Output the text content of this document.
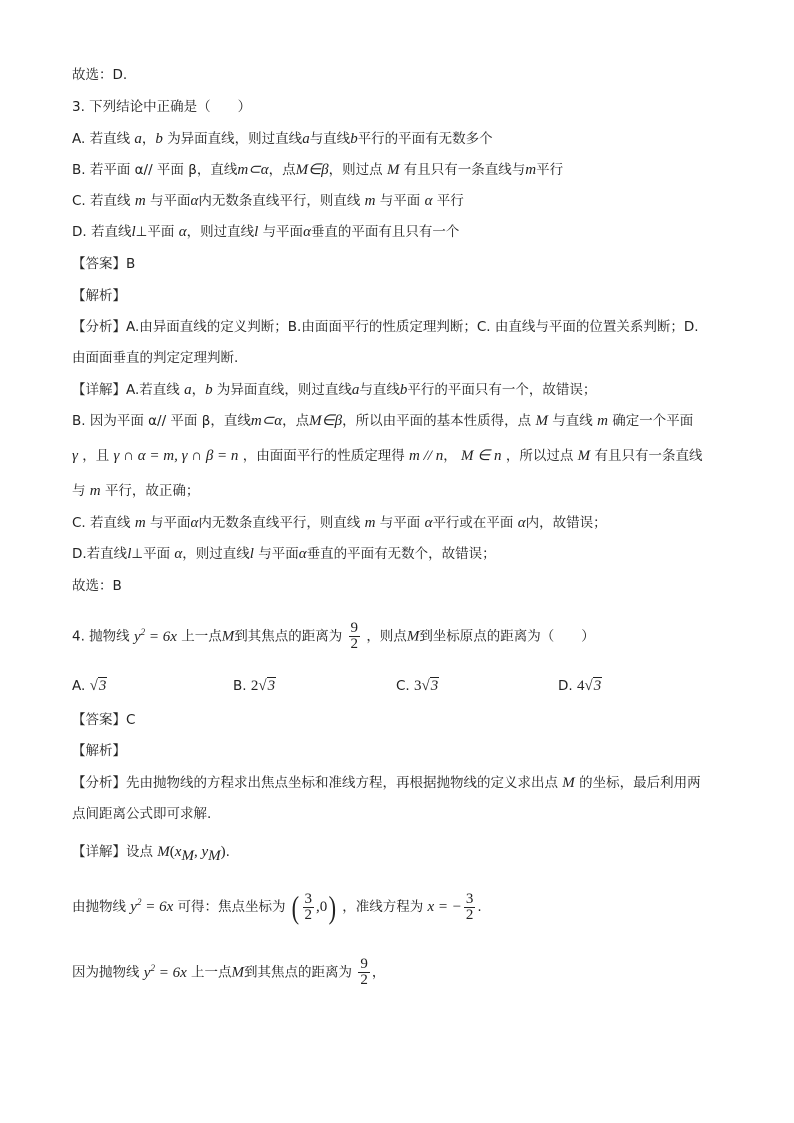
故选：D.
3. 下列结论中正确是（　　）
A. 若直线 a，b 为异面直线，则过直线a与直线b平行的平面有无数多个
B. 若平面 α// 平面 β，直线m⊂α，点M∈β，则过点 M 有且只有一条直线与m平行
C. 若直线 m 与平面α内无数条直线平行，则直线 m 与平面 α 平行
D. 若直线l⊥平面 α，则过直线l 与平面α垂直的平面有且只有一个
【答案】B
【解析】
【分析】A.由异面直线的定义判断；B.由面面平行的性质定理判断；C. 由直线与平面的位置关系判断；D.
由面面垂直的判定定理判断.
【详解】A.若直线 a，b 为异面直线，则过直线a与直线b平行的平面只有一个，故错误；
B. 因为平面 α// 平面 β，直线m⊂α，点M∈β，所以由平面的基本性质得，点 M 与直线 m 确定一个平面
γ ，且 γ ∩ α = m, γ ∩ β = n ，由面面平行的性质定理得 m // n， M ∈ n ，所以过点 M 有且只有一条直线
与 m 平行，故正确；
C. 若直线 m 与平面α内无数条直线平行，则直线 m 与平面 α平行或在平面 α内，故错误；
D.若直线l⊥平面 α，则过直线l 与平面α垂直的平面有无数个，故错误；
故选：B
4. 抛物线 $y^2 = 6x$ 上一点M到其焦点的距离为 $\frac{9}{2}$ ，则点M到坐标原点的距离为（　　）
A. √3	B. 2√3	C. 3√3	D. 4√3
【答案】C
【解析】
【分析】先由抛物线的方程求出焦点坐标和准线方程，再根据抛物线的定义求出点 M 的坐标，最后利用两
点间距离公式即可求解.
【详解】设点 $M(x_M$, $y_M$).
由抛物线 $y^2 = 6x$ 可得：焦点坐标为 ( $\frac{3}{2} ,0$) ，准线方程为 x = − $\frac{3}{2}$ .
因为抛物线 $y^2 = 6x$ 上一点M到其焦点的距离为 $\frac{9}{2}$ ，
